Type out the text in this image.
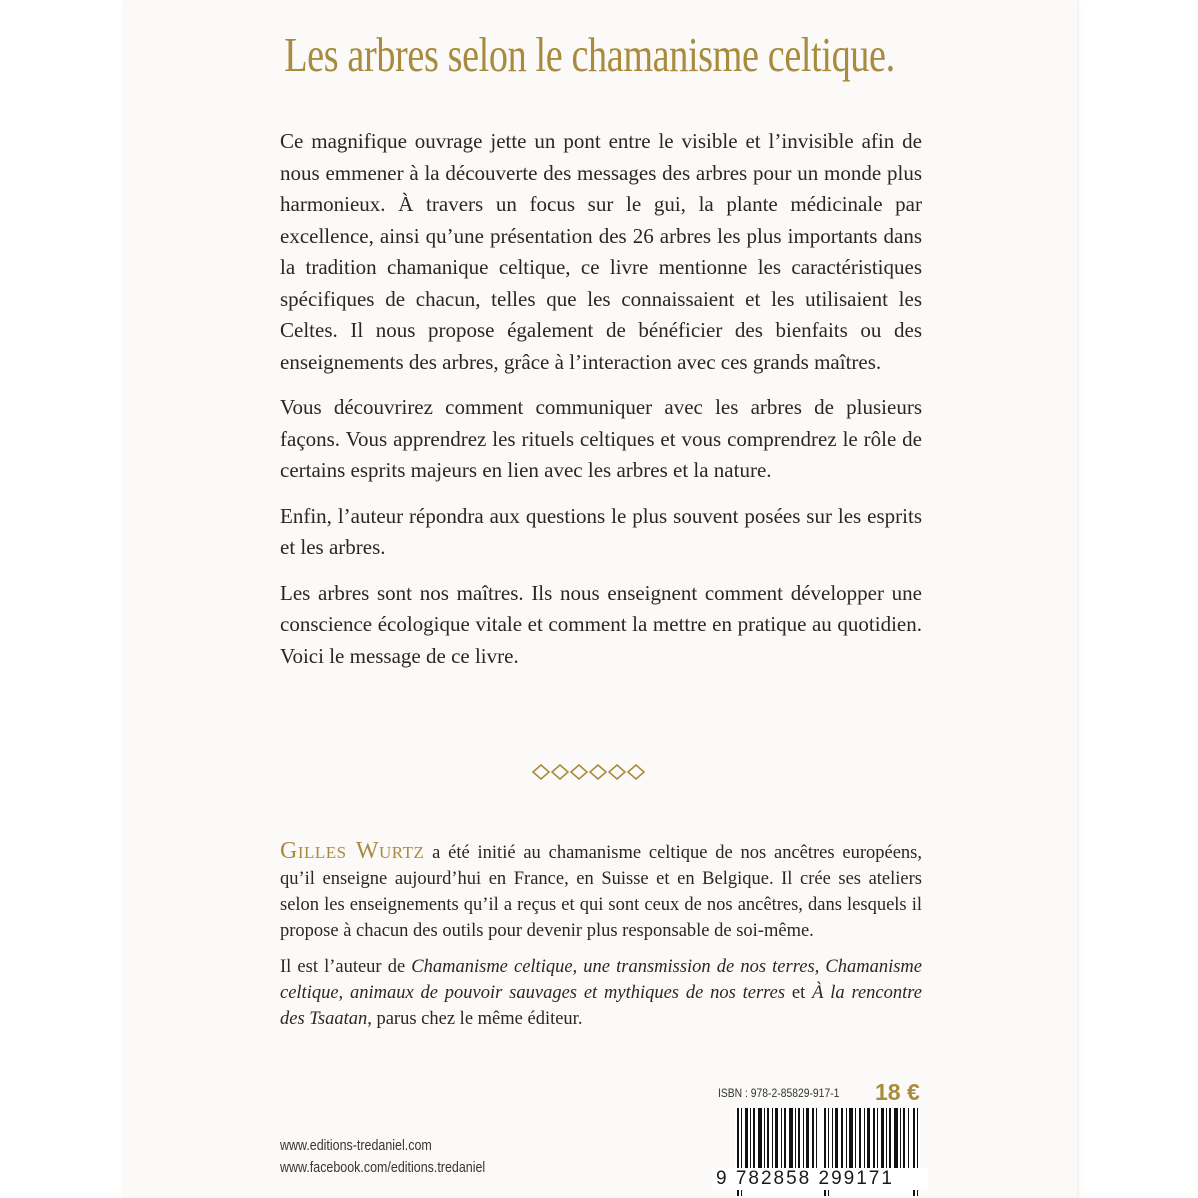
Les arbres selon le chamanisme celtique.

Ce magnifique ouvrage jette un pont entre le visible et l’invisible afin de nous emmener à la découverte des messages des arbres pour un monde plus harmonieux. À travers un focus sur le gui, la plante médicinale par excellence, ainsi qu’une présentation des 26 arbres les plus importants dans la tradition chamanique celtique, ce livre mentionne les caractéristiques spécifiques de chacun, telles que les connaissaient et les utilisaient les Celtes. Il nous propose également de bénéficier des bienfaits ou des enseignements des arbres, grâce à l’interaction avec ces grands maîtres.

Vous découvrirez comment communiquer avec les arbres de plusieurs façons. Vous apprendrez les rituels celtiques et vous comprendrez le rôle de certains esprits majeurs en lien avec les arbres et la nature.

Enfin, l’auteur répondra aux questions le plus souvent posées sur les esprits et les arbres.

Les arbres sont nos maîtres. Ils nous enseignent comment développer une conscience écologique vitale et comment la mettre en pratique au quotidien. Voici le message de ce livre.

Gilles Wurtz a été initié au chamanisme celtique de nos ancêtres européens, qu’il enseigne aujourd’hui en France, en Suisse et en Belgique. Il crée ses ateliers selon les enseignements qu’il a reçus et qui sont ceux de nos ancêtres, dans lesquels il propose à chacun des outils pour devenir plus responsable de soi-même.

Il est l’auteur de Chamanisme celtique, une transmission de nos terres, Chamanisme celtique, animaux de pouvoir sauvages et mythiques de nos terres et À la rencontre des Tsaatan, parus chez le même éditeur.

www.editions-tredaniel.com
www.facebook.com/editions.tredaniel
ISBN : 978-2-85829-917-1 18 €
9 782858 299171
